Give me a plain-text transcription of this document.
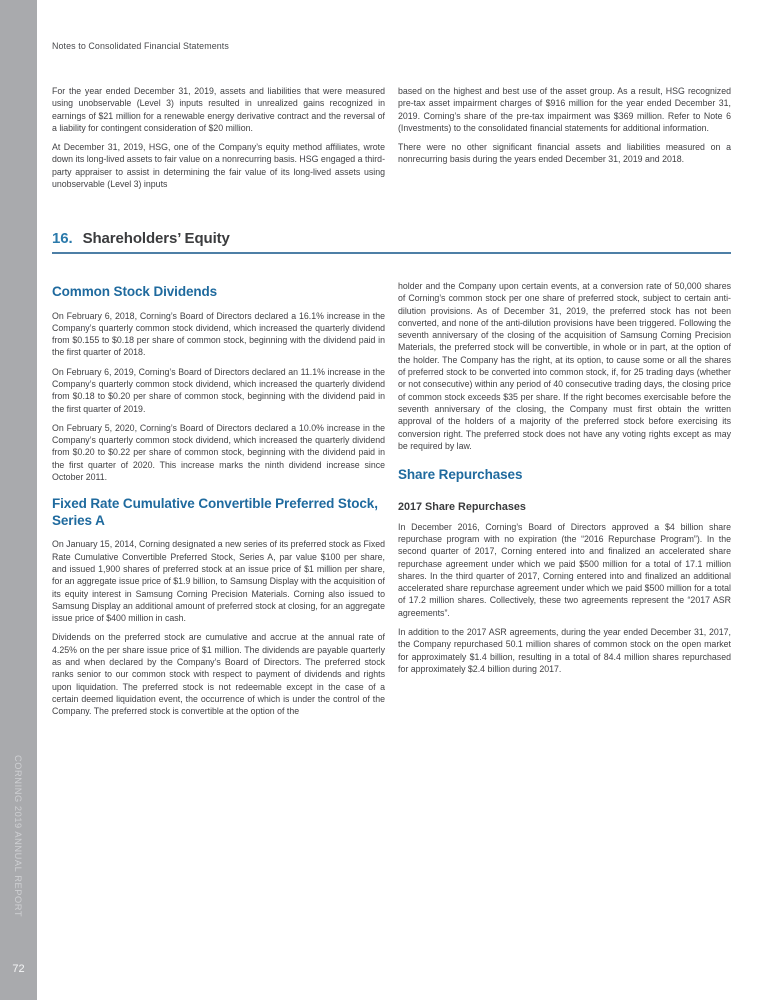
CORNING 2019 ANNUAL REPORT
72
Notes to Consolidated Financial Statements

For the year ended December 31, 2019, assets and liabilities that were measured using unobservable (Level 3) inputs resulted in unrealized gains recognized in earnings of $21 million for a renewable energy derivative contract and the reversal of a liability for contingent consideration of $20 million.

At December 31, 2019, HSG, one of the Company’s equity method affiliates, wrote down its long-lived assets to fair value on a nonrecurring basis. HSG engaged a third-party appraiser to assist in determining the fair value of its long-lived assets using unobservable (Level 3) inputs

based on the highest and best use of the asset group. As a result, HSG recognized pre-tax asset impairment charges of $916 million for the year ended December 31, 2019. Corning’s share of the pre-tax impairment was $369 million. Refer to Note 6 (Investments) to the consolidated financial statements for additional information.

There were no other significant financial assets and liabilities measured on a nonrecurring basis during the years ended December 31, 2019 and 2018.

16. Shareholders’ Equity
Common Stock Dividends

On February 6, 2018, Corning’s Board of Directors declared a 16.1% increase in the Company’s quarterly common stock dividend, which increased the quarterly dividend from $0.155 to $0.18 per share of common stock, beginning with the dividend paid in the first quarter of 2018.

On February 6, 2019, Corning’s Board of Directors declared an 11.1% increase in the Company’s quarterly common stock dividend, which increased the quarterly dividend from $0.18 to $0.20 per share of common stock, beginning with the dividend paid in the first quarter of 2019.

On February 5, 2020, Corning’s Board of Directors declared a 10.0% increase in the Company’s quarterly common stock dividend, which increased the quarterly dividend from $0.20 to $0.22 per share of common stock, beginning with the dividend paid in the first quarter of 2020. This increase marks the ninth dividend increase since October 2011.

Fixed Rate Cumulative Convertible Preferred Stock, Series A

On January 15, 2014, Corning designated a new series of its preferred stock as Fixed Rate Cumulative Convertible Preferred Stock, Series A, par value $100 per share, and issued 1,900 shares of preferred stock at an issue price of $1 million per share, for an aggregate issue price of $1.9 billion, to Samsung Display with the acquisition of its equity interest in Samsung Corning Precision Materials. Corning also issued to Samsung Display an additional amount of preferred stock at closing, for an aggregate issue price of $400 million in cash.

Dividends on the preferred stock are cumulative and accrue at the annual rate of 4.25% on the per share issue price of $1 million. The dividends are payable quarterly as and when declared by the Company’s Board of Directors. The preferred stock ranks senior to our common stock with respect to payment of dividends and rights upon liquidation. The preferred stock is not redeemable except in the case of a certain deemed liquidation event, the occurrence of which is under the control of the Company. The preferred stock is convertible at the option of the

holder and the Company upon certain events, at a conversion rate of 50,000 shares of Corning’s common stock per one share of preferred stock, subject to certain anti-dilution provisions. As of December 31, 2019, the preferred stock has not been converted, and none of the anti-dilution provisions have been triggered. Following the seventh anniversary of the closing of the acquisition of Samsung Corning Precision Materials, the preferred stock will be convertible, in whole or in part, at the option of the holder. The Company has the right, at its option, to cause some or all the shares of preferred stock to be converted into common stock, if, for 25 trading days (whether or not consecutive) within any period of 40 consecutive trading days, the closing price of common stock exceeds $35 per share. If the right becomes exercisable before the seventh anniversary of the closing, the Company must first obtain the written approval of the holders of a majority of the preferred stock before exercising its conversion right. The preferred stock does not have any voting rights except as may be required by law.

Share Repurchases
2017 Share Repurchases

In December 2016, Corning’s Board of Directors approved a $4 billion share repurchase program with no expiration (the “2016 Repurchase Program”). In the second quarter of 2017, Corning entered into and finalized an accelerated share repurchase agreement under which we paid $500 million for a total of 17.1 million shares. In the third quarter of 2017, Corning entered into and finalized an additional accelerated share repurchase agreement under which we paid $500 million for a total of 17.2 million shares. Collectively, these two agreements represent the “2017 ASR agreements”.

In addition to the 2017 ASR agreements, during the year ended December 31, 2017, the Company repurchased 50.1 million shares of common stock on the open market for approximately $1.4 billion, resulting in a total of 84.4 million shares repurchased for approximately $2.4 billion during 2017.
